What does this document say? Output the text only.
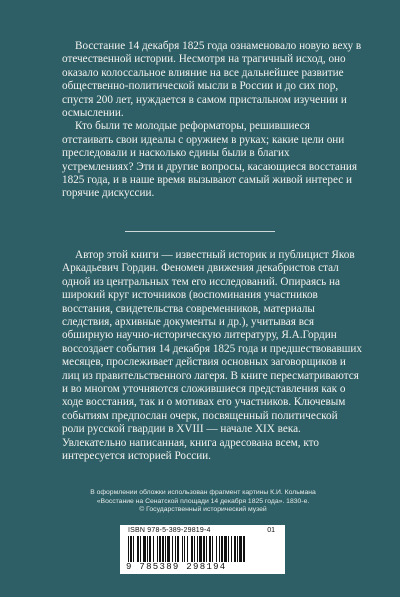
Восстание 14 декабря 1825 года ознаменовало новую веху в отечественной истории. Несмотря на трагичный исход, оно оказало колоссальное влияние на все дальнейшее развитие общественно-политической мысли в России и до сих пор, спустя 200 лет, нуждается в самом пристальном изучении и осмыслении.

Кто были те молодые реформаторы, решившиеся отстаивать свои идеалы с оружием в руках; какие цели они преследовали и насколько едины были в благих устремлениях? Эти и другие вопросы, касающиеся восстания 1825 года, и в наше время вызывают самый живой интерес и горячие дискуссии.

Автор этой книги — известный историк и публицист Яков Аркадьевич Гордин. Феномен движения декабристов стал одной из центральных тем его исследований. Опираясь на широкий круг источников (воспоминания участников восстания, свидетельства современников, материалы следствия, архивные документы и др.), учитывая вся обширную научно-историческую литературу, Я.А.Гордин воссоздает события 14 декабря 1825 года и предшествовавших месяцев, прослеживает действия основных заговорщиков и лиц из правительственного лагеря. В книге пересматриваются и во многом уточняются сложившиеся представления как о ходе восстания, так и о мотивах его участников. Ключевым событиям предпослан очерк, посвященный политической роли русской гвардии в XVIII — начале XIX века. Увлекательно написанная, книга адресована всем, кто интересуется историей России.

В оформлении обложки использован фрагмент картины К.И. Кольмана

«Восстание на Сенатской площади 14 декабря 1825 года». 1830-е.

© Государственный исторический музей

ISBN 978-5-389-29819-4	01
9 785389 298194
